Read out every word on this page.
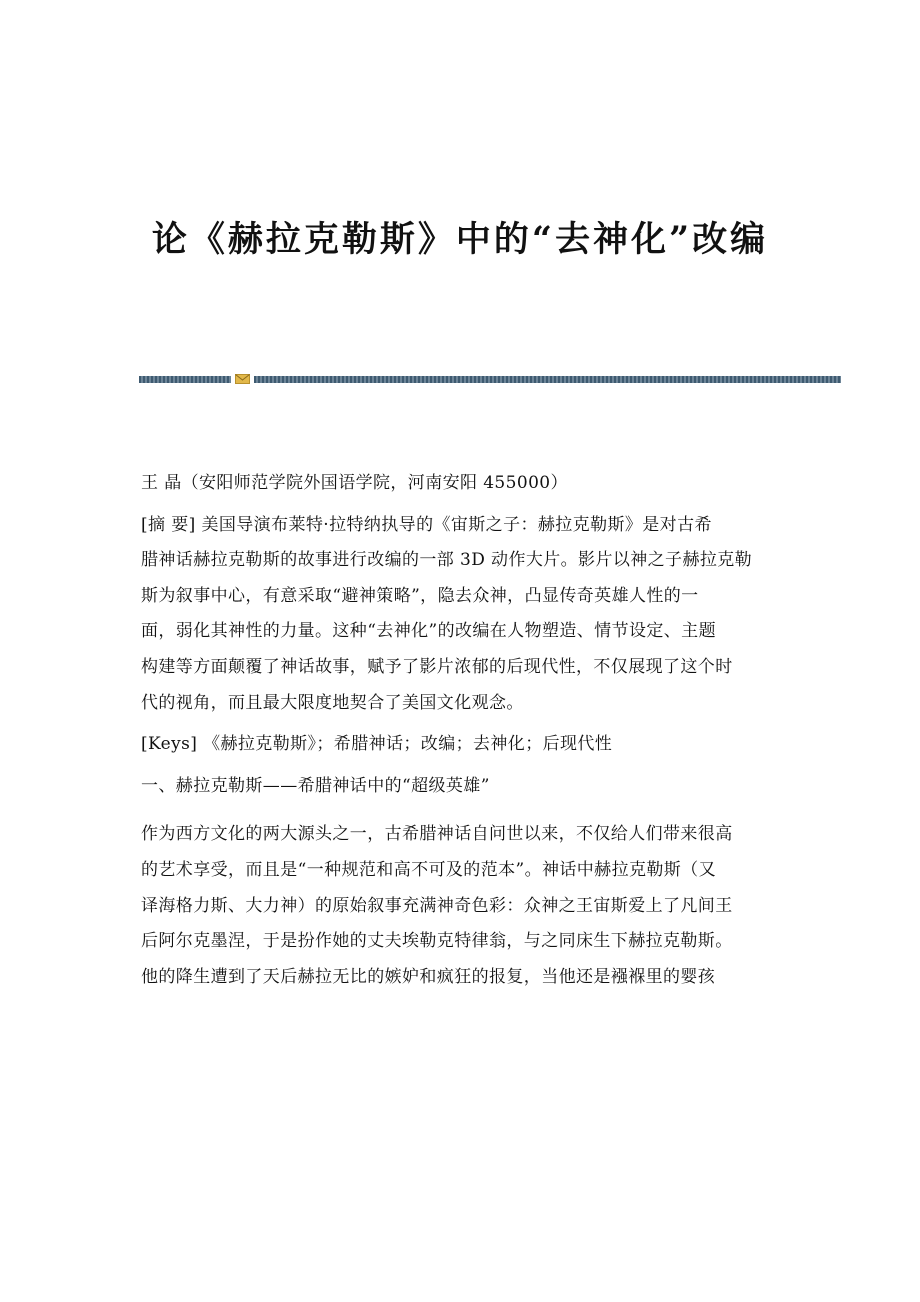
论《赫拉克勒斯》中的“去神化”改编
王 晶（安阳师范学院外国语学院，河南安阳 455000）
[摘 要] 美国导演布莱特·拉特纳执导的《宙斯之子：赫拉克勒斯》是对古希
腊神话赫拉克勒斯的故事进行改编的一部 3D 动作大片。影片以神之子赫拉克勒
斯为叙事中心，有意采取“避神策略”，隐去众神，凸显传奇英雄人性的一
面，弱化其神性的力量。这种“去神化”的改编在人物塑造、情节设定、主题
构建等方面颠覆了神话故事，赋予了影片浓郁的后现代性，不仅展现了这个时
代的视角，而且最大限度地契合了美国文化观念。
[Keys] 《赫拉克勒斯》；希腊神话；改编；去神化；后现代性
一、赫拉克勒斯——希腊神话中的“超级英雄”
作为西方文化的两大源头之一，古希腊神话自问世以来，不仅给人们带来很高
的艺术享受，而且是“一种规范和高不可及的范本”。神话中赫拉克勒斯（又
译海格力斯、大力神）的原始叙事充满神奇色彩：众神之王宙斯爱上了凡间王
后阿尔克墨涅，于是扮作她的丈夫埃勒克特律翁，与之同床生下赫拉克勒斯。
他的降生遭到了天后赫拉无比的嫉妒和疯狂的报复，当他还是襁褓里的婴孩
